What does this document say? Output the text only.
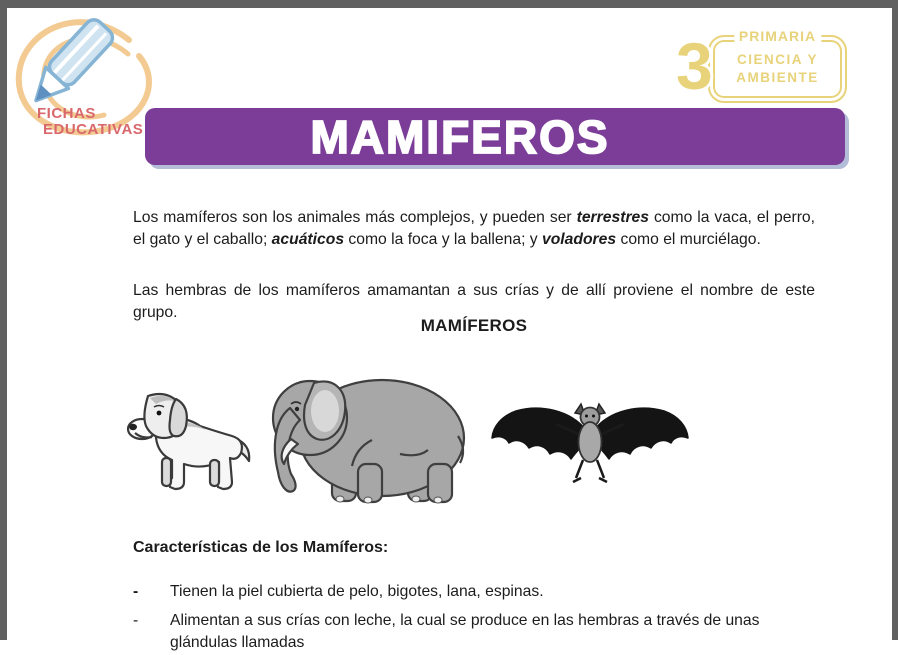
FICHAS
EDUCATIVAS
3	PRIMARIA
CIENCIA Y
AMBIENTE
MAMIFEROS

Los mamíferos son los animales más complejos, y pueden ser terrestres como la vaca, el perro, el gato y el caballo; acuáticos como la foca y la ballena; y voladores como el murciélago.

Las hembras de los mamíferos amamantan a sus crías y de allí proviene el nombre de este grupo.

MAMÍFEROS
Características de los Mamíferos:
-	Tienen la piel cubierta de pelo, bigotes, lana, espinas.
-	Alimentan a sus crías con leche, la cual se produce en las hembras a través de unas
glándulas llamadas
